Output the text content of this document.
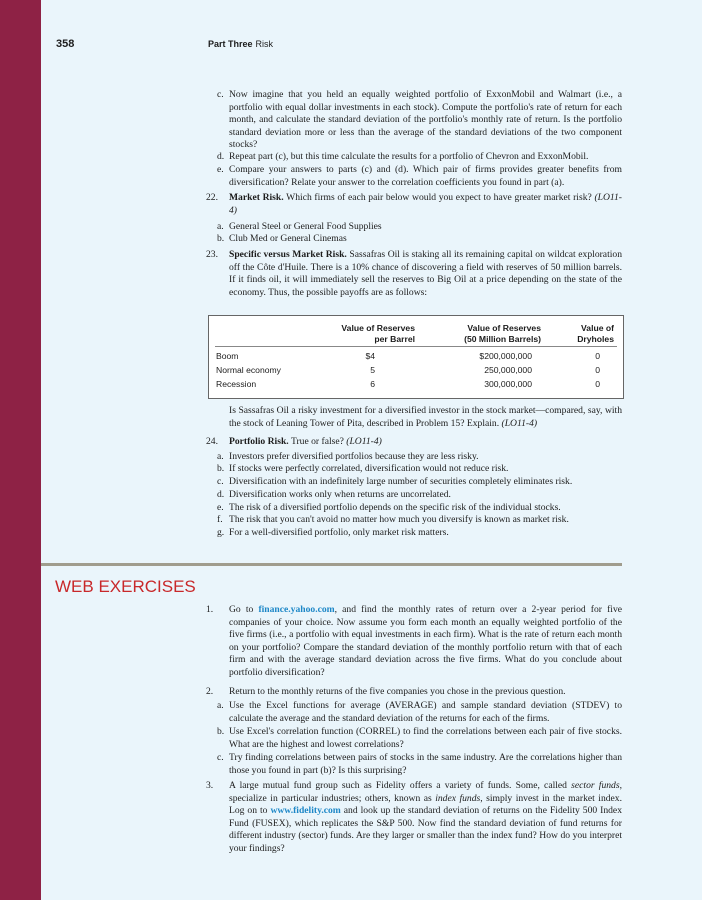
358	Part Three Risk
c. Now imagine that you held an equally weighted portfolio of ExxonMobil and Walmart (i.e., a portfolio with equal dollar investments in each stock). Compute the portfolio's rate of return for each month, and calculate the standard deviation of the portfolio's monthly rate of return. Is the portfolio standard deviation more or less than the average of the standard deviations of the two component stocks?
d. Repeat part (c), but this time calculate the results for a portfolio of Chevron and ExxonMobil.
e. Compare your answers to parts (c) and (d). Which pair of firms provides greater benefits from diversification? Relate your answer to the correlation coefficients you found in part (a).
22. Market Risk. Which firms of each pair below would you expect to have greater market risk? (LO11-4)
a. General Steel or General Food Supplies
b. Club Med or General Cinemas
23. Specific versus Market Risk. Sassafras Oil is staking all its remaining capital on wildcat exploration off the Côte d'Huile. There is a 10% chance of discovering a field with reserves of 50 million barrels. If it finds oil, it will immediately sell the reserves to Big Oil at a price depending on the state of the economy. Thus, the possible payoffs are as follows:
Value of Reserves
per Barrel
Value of Reserves
(50 Million Barrels)
Value of
Dryholes
Boom	$4	$200,000,000	0
Normal economy	5	250,000,000	0
Recession	6	300,000,000	0
Is Sassafras Oil a risky investment for a diversified investor in the stock market—compared, say, with the stock of Leaning Tower of Pita, described in Problem 15? Explain. (LO11-4)
24. Portfolio Risk. True or false? (LO11-4)
a. Investors prefer diversified portfolios because they are less risky.
b. If stocks were perfectly correlated, diversification would not reduce risk.
c. Diversification with an indefinitely large number of securities completely eliminates risk.
d. Diversification works only when returns are uncorrelated.
e. The risk of a diversified portfolio depends on the specific risk of the individual stocks.
f. The risk that you can't avoid no matter how much you diversify is known as market risk.
g. For a well-diversified portfolio, only market risk matters.
WEB EXERCISES
1. Go to finance.yahoo.com, and find the monthly rates of return over a 2-year period for five companies of your choice. Now assume you form each month an equally weighted portfolio of the five firms (i.e., a portfolio with equal investments in each firm). What is the rate of return each month on your portfolio? Compare the standard deviation of the monthly portfolio return with that of each firm and with the average standard deviation across the five firms. What do you conclude about portfolio diversification?
2. Return to the monthly returns of the five companies you chose in the previous question.
a. Use the Excel functions for average (AVERAGE) and sample standard deviation (STDEV) to calculate the average and the standard deviation of the returns for each of the firms.
b. Use Excel's correlation function (CORREL) to find the correlations between each pair of five stocks. What are the highest and lowest correlations?
c. Try finding correlations between pairs of stocks in the same industry. Are the correlations higher than those you found in part (b)? Is this surprising?
3. A large mutual fund group such as Fidelity offers a variety of funds. Some, called sector funds, specialize in particular industries; others, known as index funds, simply invest in the market index. Log on to www.fidelity.com and look up the standard deviation of returns on the Fidelity 500 Index Fund (FUSEX), which replicates the S&P 500. Now find the standard deviation of fund returns for different industry (sector) funds. Are they larger or smaller than the index fund? How do you interpret your findings?
